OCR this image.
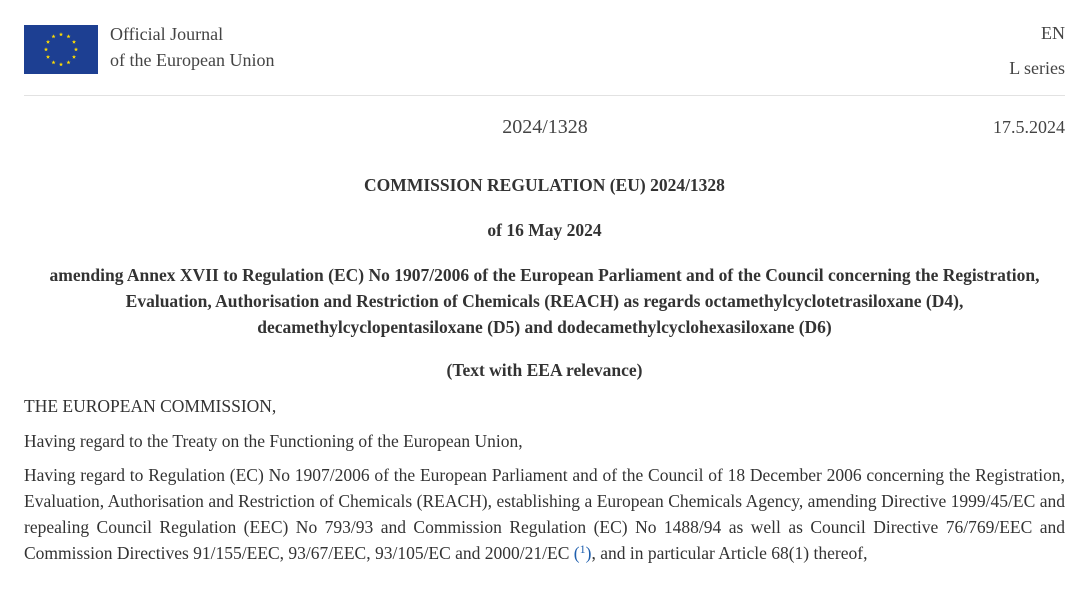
Official Journal
of the European Union
EN
L series
2024/1328	17.5.2024
COMMISSION REGULATION (EU) 2024/1328
of 16 May 2024
amending Annex XVII to Regulation (EC) No 1907/2006 of the European Parliament and of the Council concerning the Registration, Evaluation, Authorisation and Restriction of Chemicals (REACH) as regards octamethylcyclotetrasiloxane (D4), decamethylcyclopentasiloxane (D5) and dodecamethylcyclohexasiloxane (D6)
(Text with EEA relevance)
THE EUROPEAN COMMISSION,
Having regard to the Treaty on the Functioning of the European Union,
Having regard to Regulation (EC) No 1907/2006 of the European Parliament and of the Council of 18 December 2006 concerning the Registration, Evaluation, Authorisation and Restriction of Chemicals (REACH), establishing a European Chemicals Agency, amending Directive 1999/45/EC and repealing Council Regulation (EEC) No 793/93 and Commission Regulation (EC) No 1488/94 as well as Council Directive 76/769/EEC and Commission Directives 91/155/EEC, 93/67/EEC, 93/105/EC and 2000/21/EC ($^1$), and in particular Article 68(1) thereof,
